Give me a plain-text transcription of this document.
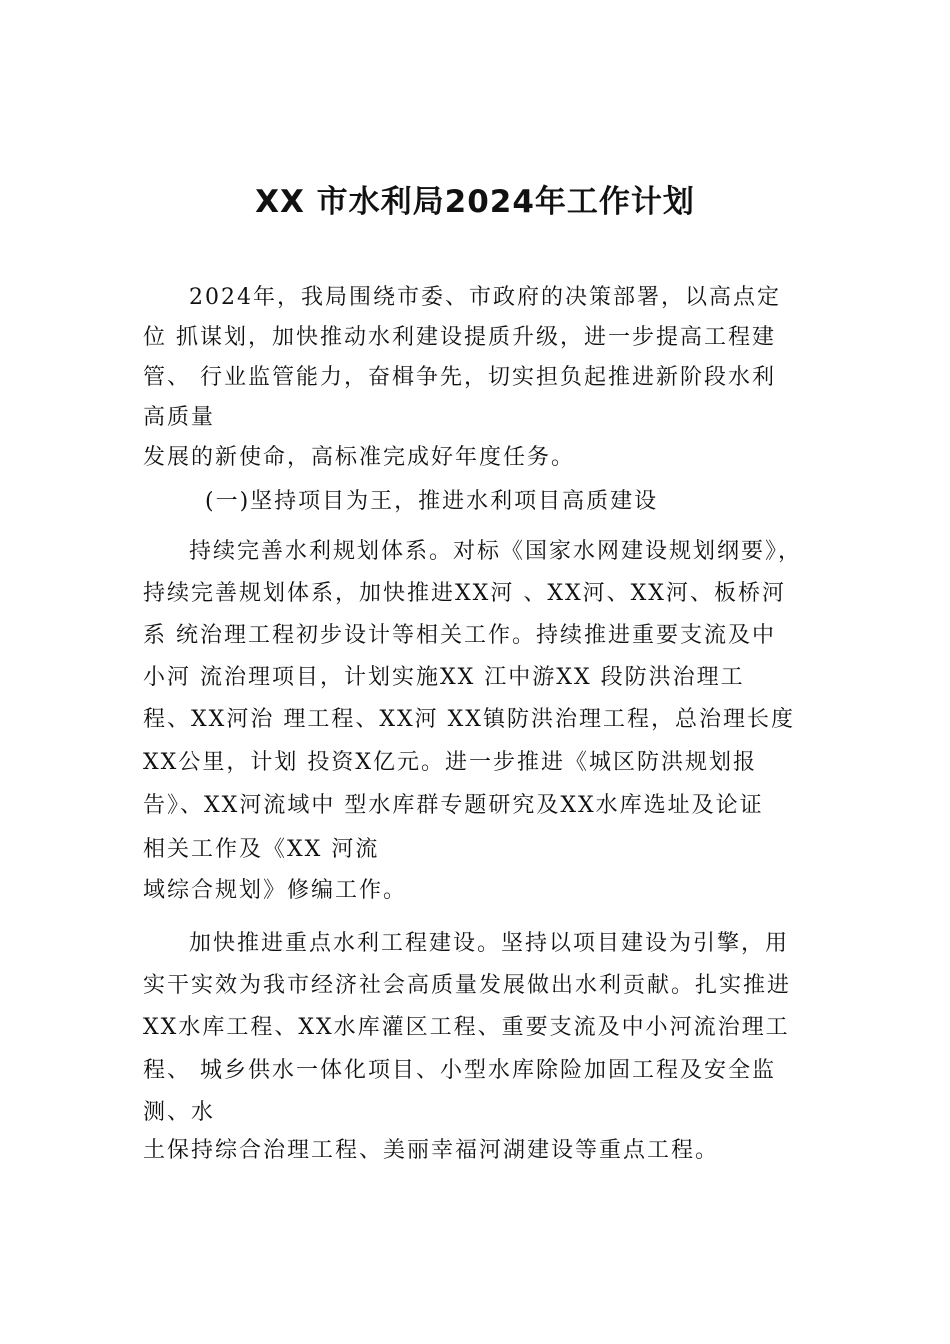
XX 市水利局2024年工作计划
2024年，我局围绕市委、市政府的决策部署，以高点定
位 抓谋划，加快推动水利建设提质升级，进一步提高工程建
管、 行业监管能力，奋楫争先，切实担负起推进新阶段水利
高质量
发展的新使命，高标准完成好年度任务。
(一)坚持项目为王，推进水利项目高质建设
持续完善水利规划体系。对标《国家水网建设规划纲要》，
持续完善规划体系，加快推进XX河 、XX河、XX河、板桥河
系 统治理工程初步设计等相关工作。持续推进重要支流及中
小河 流治理项目，计划实施XX 江中游XX 段防洪治理工
程、XX河治 理工程、XX河 XX镇防洪治理工程，总治理长度
XX公里，计划 投资X亿元。进一步推进《城区防洪规划报
告》、XX河流域中 型水库群专题研究及XX水库选址及论证
相关工作及《XX 河流
域综合规划》修编工作。
加快推进重点水利工程建设。坚持以项目建设为引擎，用
实干实效为我市经济社会高质量发展做出水利贡献。扎实推进
XX水库工程、XX水库灌区工程、重要支流及中小河流治理工
程、 城乡供水一体化项目、小型水库除险加固工程及安全监
测、水
土保持综合治理工程、美丽幸福河湖建设等重点工程。
